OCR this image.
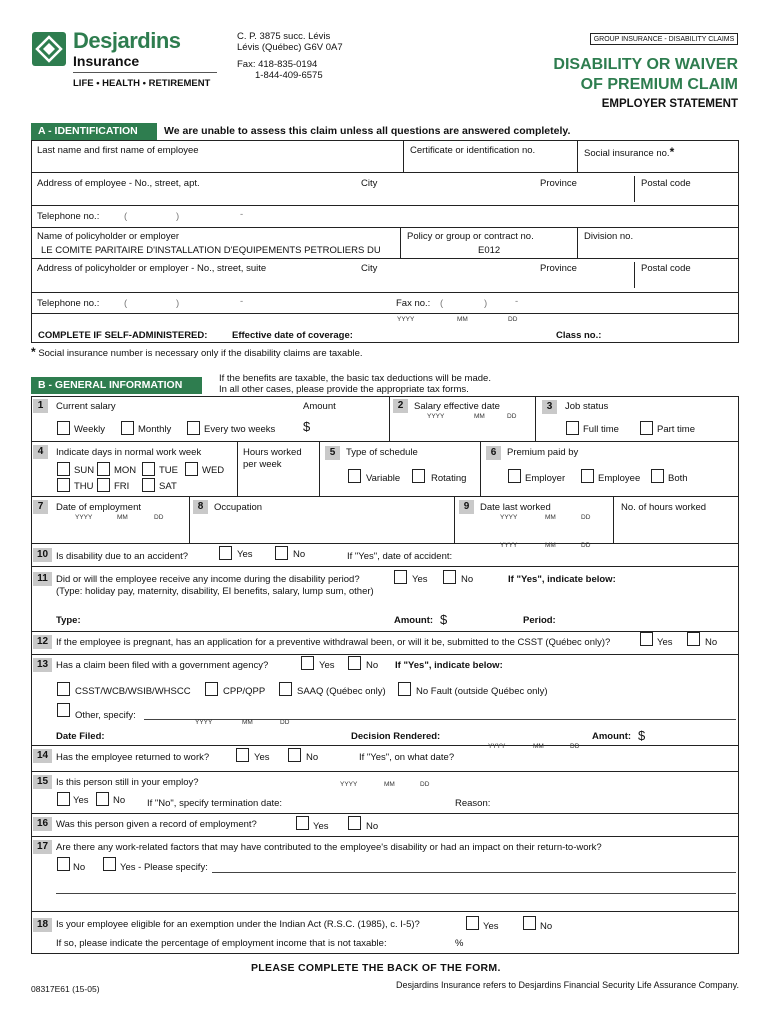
Desjardins
Insurance
LIFE • HEALTH • RETIREMENT
C. P. 3875 succ. Lévis
Lévis (Québec) G6V 0A7
Fax: 418-835-0194
1-844-409-6575
GROUP INSURANCE - DISABILITY CLAIMS
DISABILITY OR WAIVER
OF PREMIUM CLAIM
EMPLOYER STATEMENT
A - IDENTIFICATION	We are unable to assess this claim unless all questions are answered completely.
Last name and first name of employee	Certificate or identification no.	Social insurance no.*
Address of employee - No., street, apt.	City	Province	Postal code
Telephone no.:	(	)	-
Name of policyholder or employer
LE COMITE PARITAIRE D'INSTALLATION D'EQUIPEMENTS PETROLIERS DU
Policy or group or contract no.
E012
Division no.
Address of policyholder or employer - No., street, suite	City	Province	Postal code
Telephone no.:	(	)	-	Fax no.: (	)	-
YYYY	MM	DD
COMPLETE IF SELF-ADMINISTERED:	Effective date of coverage:	Class no.:
* Social insurance number is necessary only if the disability claims are taxable.
B - GENERAL INFORMATION
If the benefits are taxable, the basic tax deductions will be made.
In all other cases, please provide the appropriate tax forms.
1	Current salary	Amount
Weekly	Monthly	Every two weeks $
2	Salary effective date
YYYY	MM	DD
3	Job status
Full time	Part time
4	Indicate days in normal work week
SUN MON TUE	WED
THU FRI	SAT
Hours worked
per week
5	Type of schedule
Variable	Rotating
6	Premium paid by
Employer	Employee	Both
7	Date of employment
YYYY	MM	DD
8	Occupation	9	Date last worked
YYYY	MM	DD
No. of hours worked
YYYY	MM	DD
10 Is disability due to an accident?	Yes	No	If "Yes", date of accident:
11 Did or will the employee receive any income during the disability period?
(Type: holiday pay, maternity, disability, EI benefits, salary, lump sum, other)
Yes	No	If "Yes", indicate below:
Type:	Amount: $	Period:
12 If the employee is pregnant, has an application for a preventive withdrawal been, or will it be, submitted to the CSST (Québec only)?	Yes	No
13 Has a claim been filed with a government agency?	Yes	No If "Yes", indicate below:
CSST/WCB/WSIB/WHSCC	CPP/QPP	SAAQ (Québec only)	No Fault (outside Québec only)
Other, specify:
YYYY	MM	DD
Date Filed:	Decision Rendered:	Amount: $
YYYY	MM	DD
14 Has the employee returned to work?	Yes	No	If "Yes", on what date?
15 Is this person still in your employ?	YYYY	MM	DD
Yes	No If "No", specify termination date:	Reason:
16 Was this person given a record of employment?	Yes	No
17 Are there any work-related factors that may have contributed to the employee's disability or had an impact on their return-to-work?
No	Yes - Please specify:
18 Is your employee eligible for an exemption under the Indian Act (R.S.C. (1985), c. I-5)?	Yes	No
If so, please indicate the percentage of employment income that is not taxable:	%
PLEASE COMPLETE THE BACK OF THE FORM.
08317E61 (15-05)	Desjardins Insurance refers to Desjardins Financial Security Life Assurance Company.
